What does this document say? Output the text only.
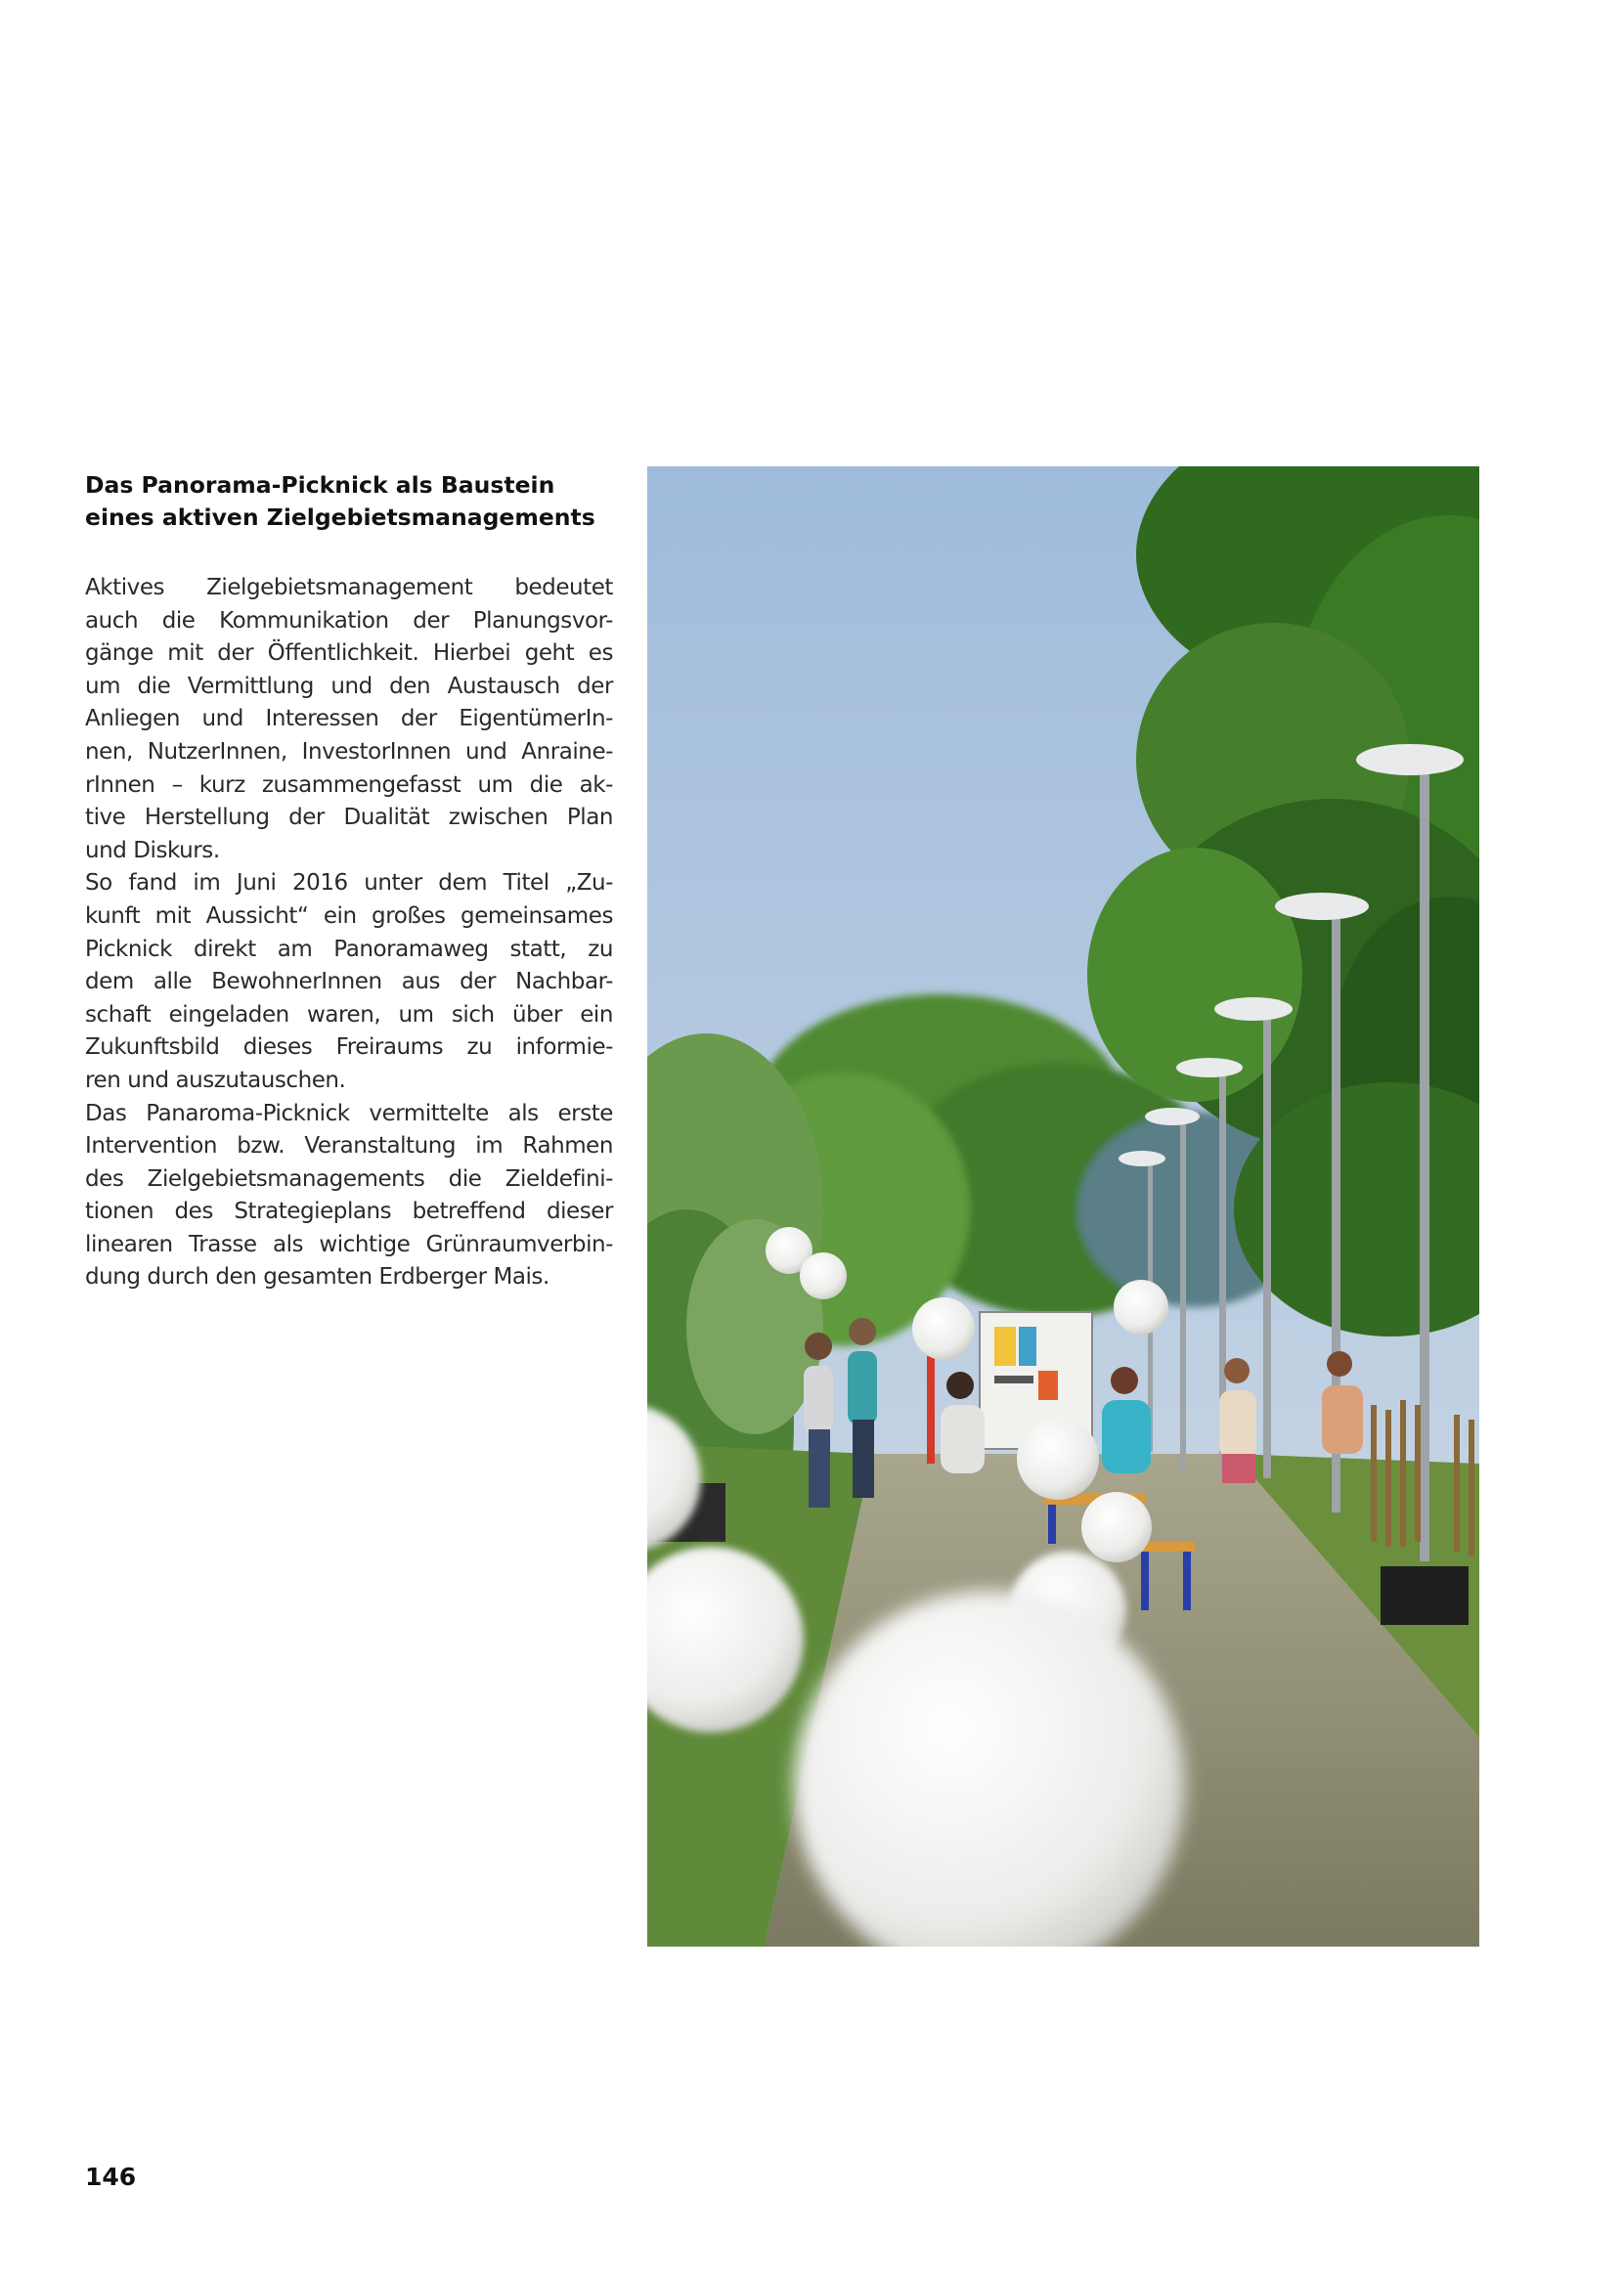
Das Panorama-Picknick als Baustein
eines aktiven Zielgebietsmanagements
Aktives Zielgebietsmanagement bedeutet
auch die Kommunikation der Planungsvor-
gänge mit der Öffentlichkeit. Hierbei geht es
um die Vermittlung und den Austausch der
Anliegen und Interessen der EigentümerIn-
nen, NutzerInnen, InvestorInnen und Anraine-
rInnen – kurz zusammengefasst um die ak-
tive Herstellung der Dualität zwischen Plan
und Diskurs.
So fand im Juni 2016 unter dem Titel „Zu-
kunft mit Aussicht“ ein großes gemeinsames
Picknick direkt am Panoramaweg statt, zu
dem alle BewohnerInnen aus der Nachbar-
schaft eingeladen waren, um sich über ein
Zukunftsbild dieses Freiraums zu informie-
ren und auszutauschen.
Das Panaroma-Picknick vermittelte als erste
Intervention bzw. Veranstaltung im Rahmen
des Zielgebietsmanagements die Zieldefini-
tionen des Strategieplans betreffend dieser
linearen Trasse als wichtige Grünraumverbin-
dung durch den gesamten Erdberger Mais.
146
